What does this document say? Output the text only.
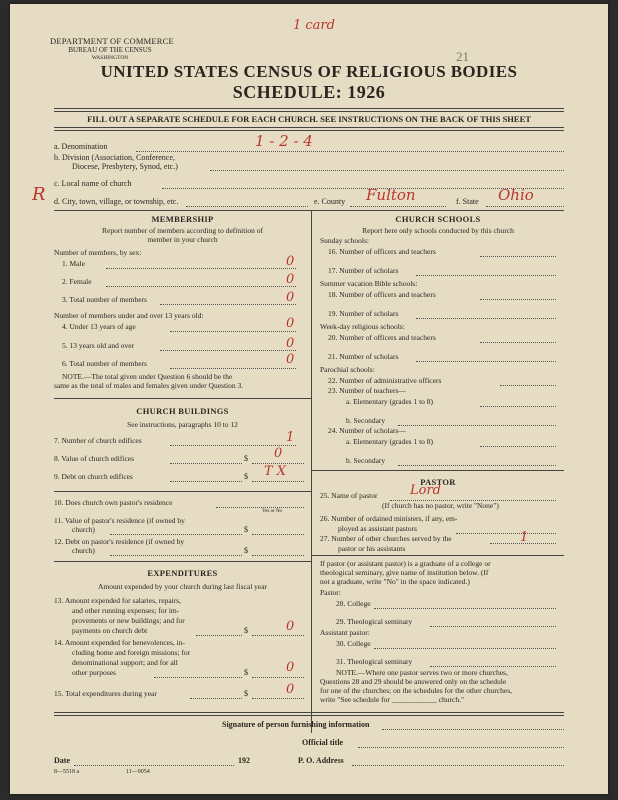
1 card
21
DEPARTMENT OF COMMERCE
BUREAU OF THE CENSUS
WASHINGTON
UNITED STATES CENSUS OF RELIGIOUS BODIES
SCHEDULE: 1926
FILL OUT A SEPARATE SCHEDULE FOR EACH CHURCH. SEE INSTRUCTIONS ON THE BACK OF THIS SHEET
a. Denomination	1 - 2 - 4
b. Division (Association, Conference,
Diocese, Presbytery, Synod, etc.)
R
c. Local name of church
d. City, town, village, or township, etc.	e. County Fulton	f. State Ohio
MEMBERSHIP
Report number of members according to definition of
member in your church
Number of members, by sex:
1. Male	0
2. Female	0
3. Total number of members	0
Number of members under and over 13 years old:
4. Under 13 years of age	0
5. 13 years old and over	0
6. Total number of members	0
NOTE.—The total given under Question 6 should be the
same as the total of males and females given under Question 3.
CHURCH BUILDINGS
See instructions, paragraphs 10 to 12
7. Number of church edifices	1
8. Value of church edifices	$ 0
9. Debt on church edifices	$ T X
10. Does church own pastor's residence
Yes or No
11. Value of pastor's residence (if owned by
church)	$
12. Debt on pastor's residence (if owned by
church)	$
EXPENDITURES
Amount expended by your church during last fiscal year
13. Amount expended for salaries, repairs,
and other running expenses; for im-
provements or new buildings; and for
payments on church debt	$	0
14. Amount expended for benevolences, in-
cluding home and foreign missions; for
denominational support; and for all
other purposes	$	0
15. Total expenditures during year	$	0
CHURCH SCHOOLS
Report here only schools conducted by this church
Sunday schools:
16. Number of officers and teachers
17. Number of scholars
Summer vacation Bible schools:
18. Number of officers and teachers
19. Number of scholars
Week-day religious schools:
20. Number of officers and teachers
21. Number of scholars
Parochial schools:
22. Number of administrative officers
23. Number of teachers—
a. Elementary (grades 1 to 8)
b. Secondary
24. Number of scholars—
a. Elementary (grades 1 to 8)
b. Secondary
PASTOR
25. Name of pastor	Lord
(If church has no pastor, write "None")
26. Number of ordained ministers, if any, em-
ployed as assistant pastors
27. Number of other churches served by the
pastor or his assistants
1
If pastor (or assistant pastor) is a graduate of a college or
theological seminary, give name of institution below. (If
not a graduate, write "No" in the space indicated.)
Pastor:
28. College
29. Theological seminary
Assistant pastor:
30. College
31. Theological seminary
NOTE.—Where one pastor serves two or more churches,
Questions 28 and 29 should be answered only on the schedule
for one of the churches; on the schedules for the other churches,
write "See schedule for ____________ church."
Signature of person furnishing information
Official title
Date	192	P. O. Address
8—5518 a	11—9054
